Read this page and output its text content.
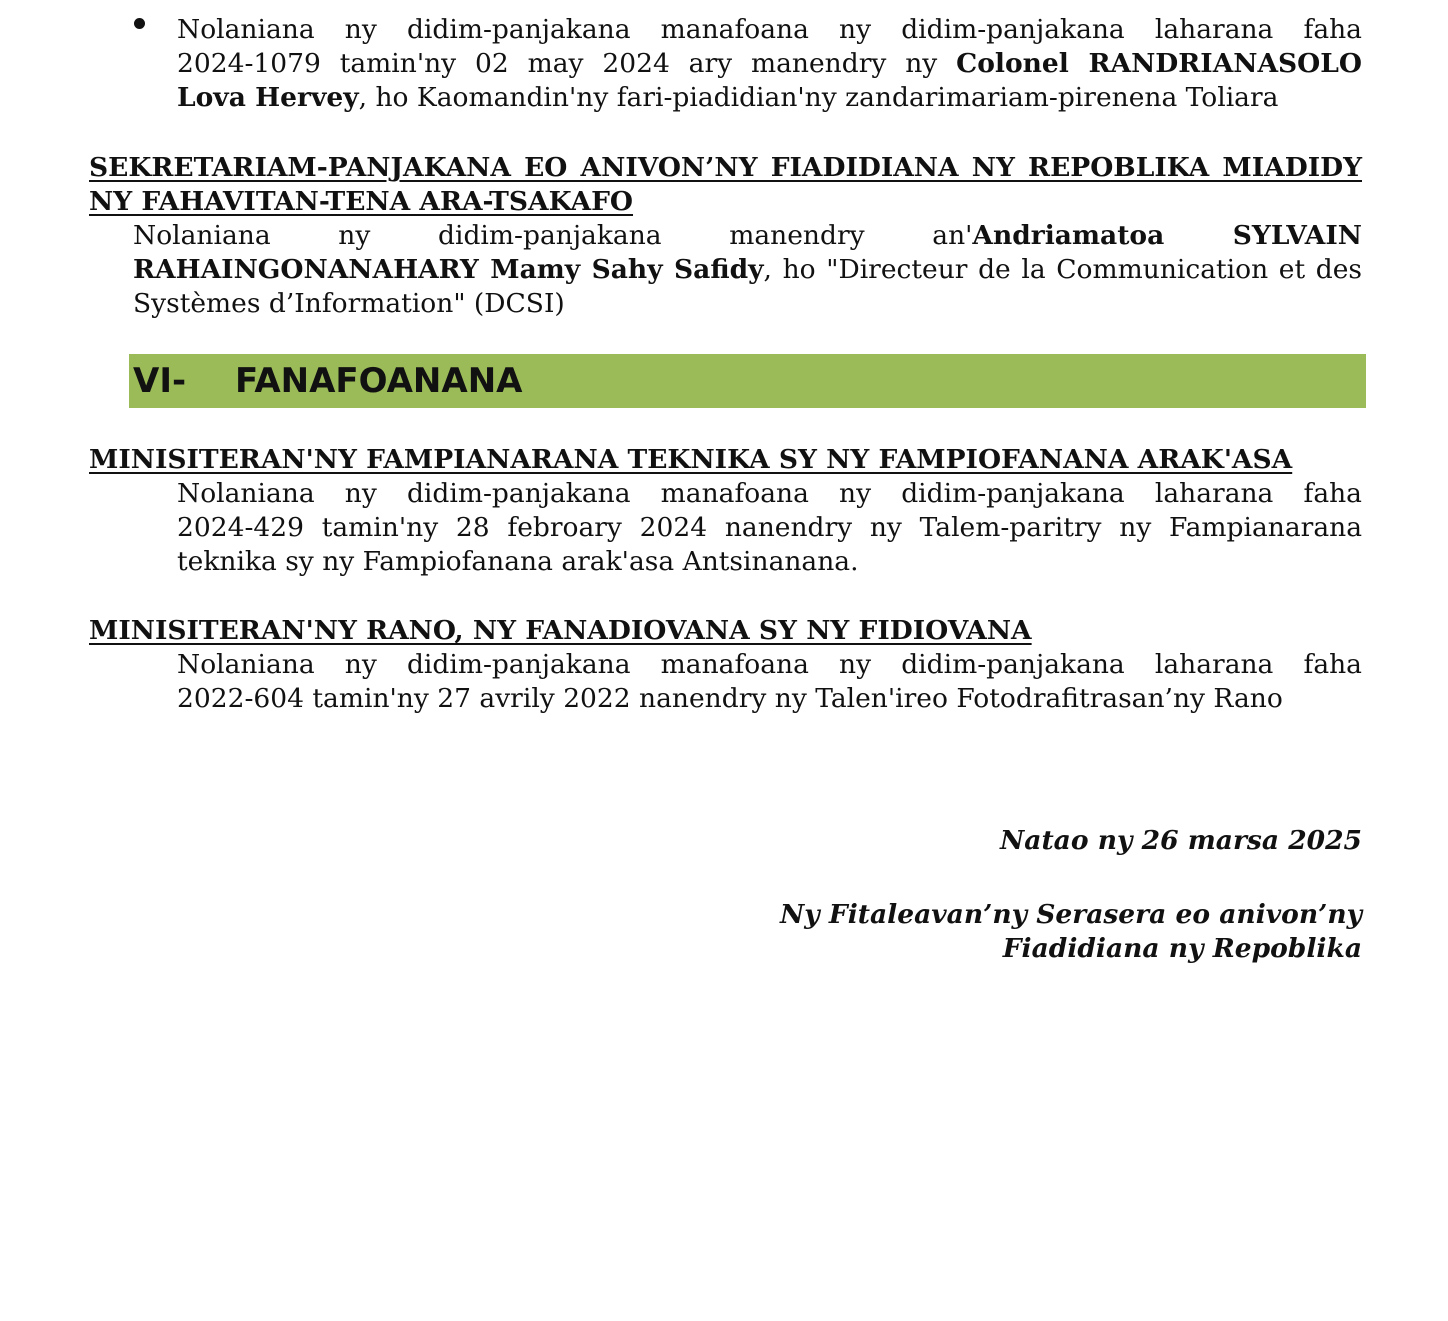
Nolaniana ny didim-panjakana manafoana ny didim-panjakana laharana faha
2024-1079 tamin'ny 02 may 2024 ary manendry ny Colonel RANDRIANASOLO
Lova Hervey, ho Kaomandin'ny fari-piadidian'ny zandarimariam-pirenena Toliara
SEKRETARIAM-PANJAKANA EO ANIVON’NY FIADIDIANA NY REPOBLIKA MIADIDY
NY FAHAVITAN-TENA ARA-TSAKAFO
Nolaniana ny didim-panjakana manendry an'Andriamatoa SYLVAIN
RAHAINGONANAHARY Mamy Sahy Safidy, ho "Directeur de la Communication et des
Systèmes d’Information" (DCSI)
VI- FANAFOANANA
MINISITERAN'NY FAMPIANARANA TEKNIKA SY NY FAMPIOFANANA ARAK'ASA
Nolaniana ny didim-panjakana manafoana ny didim-panjakana laharana faha
2024-429 tamin'ny 28 febroary 2024 nanendry ny Talem-paritry ny Fampianarana
teknika sy ny Fampiofanana arak'asa Antsinanana.
MINISITERAN'NY RANO, NY FANADIOVANA SY NY FIDIOVANA
Nolaniana ny didim-panjakana manafoana ny didim-panjakana laharana faha
2022-604 tamin'ny 27 avrily 2022 nanendry ny Talen'ireo Fotodrafitrasan’ny Rano
Natao ny 26 marsa 2025
Ny Fitaleavan’ny Serasera eo anivon’ny
Fiadidiana ny Repoblika
